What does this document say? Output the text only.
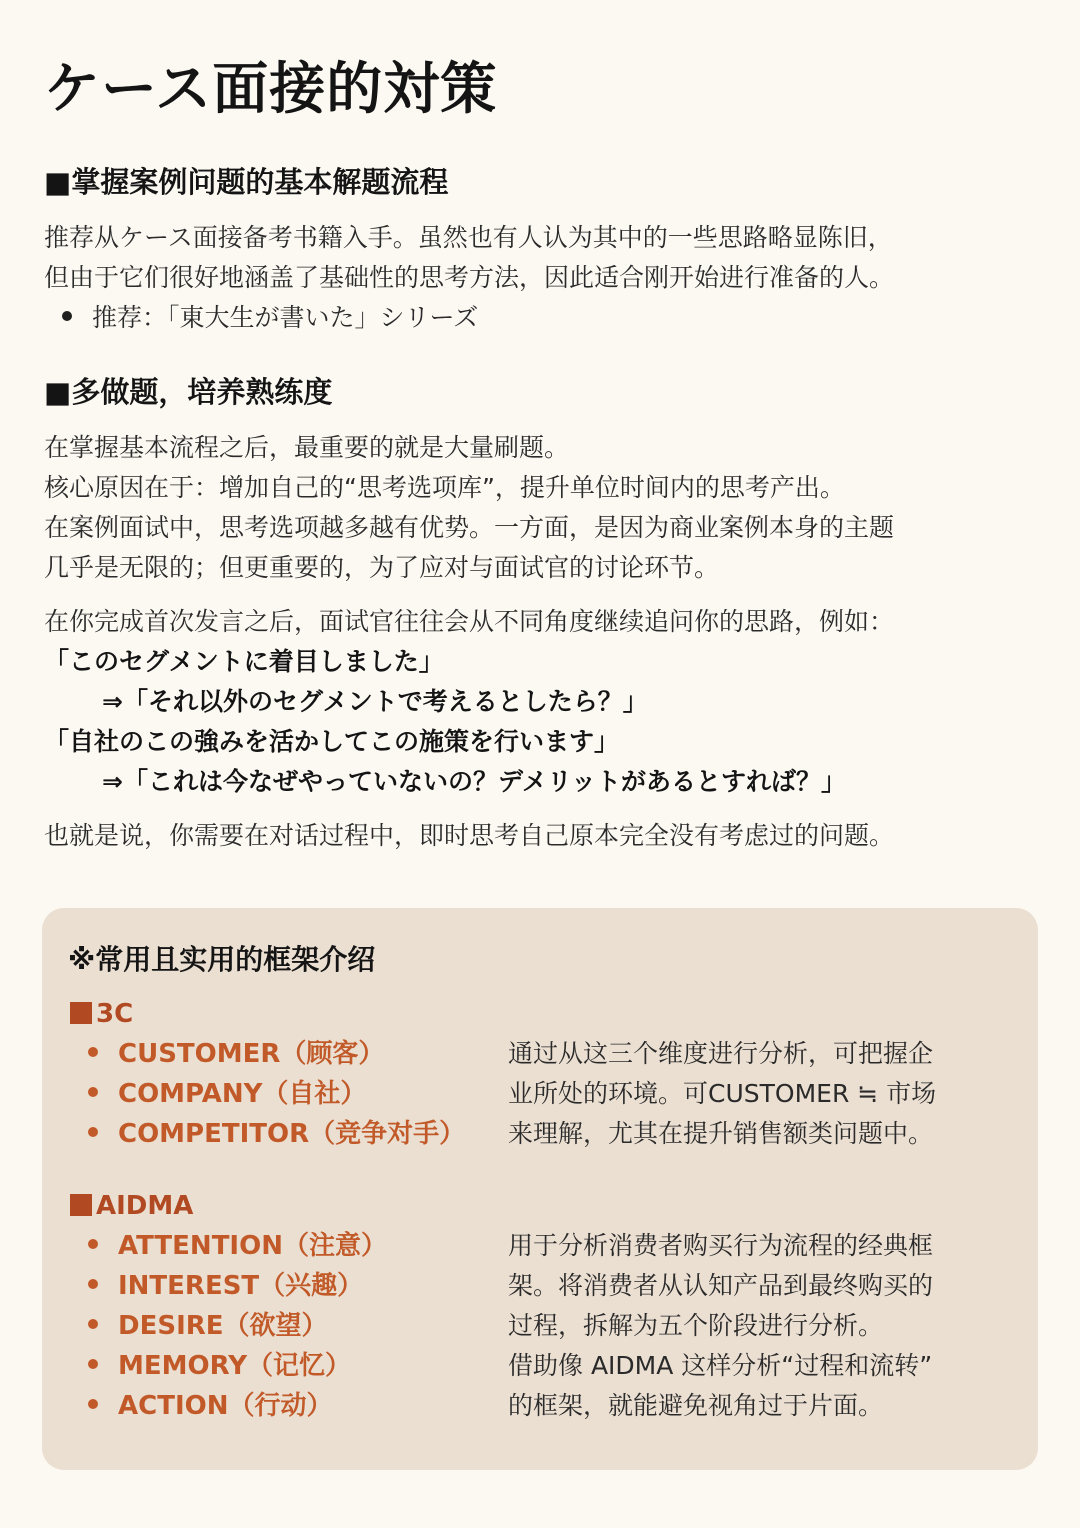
ケース面接的対策
■掌握案例问题的基本解题流程
推荐从ケース面接备考书籍入手。虽然也有人认为其中的一些思路略显陈旧，
但由于它们很好地涵盖了基础性的思考方法，因此适合刚开始进行准备的人。
推荐：「東大生が書いた」シリーズ
■多做题，培养熟练度
在掌握基本流程之后，最重要的就是大量刷题。
核心原因在于：增加自己的“思考选项库”，提升单位时间内的思考产出。
在案例面试中，思考选项越多越有优势。一方面，是因为商业案例本身的主题
几乎是无限的；但更重要的，为了应对与面试官的讨论环节。
在你完成首次发言之后，面试官往往会从不同角度继续追问你的思路，例如：
「このセグメントに着目しました」
⇒「それ以外のセグメントで考えるとしたら？」
「自社のこの強みを活かしてこの施策を行います」
⇒「これは今なぜやっていないの？デメリットがあるとすれば？」
也就是说，你需要在对话过程中，即时思考自己原本完全没有考虑过的问题。
※常用且实用的框架介绍
3C
CUSTOMER（顾客）
COMPANY（自社）
COMPETITOR（竞争对手）
通过从这三个维度进行分析，可把握企
业所处的环境。可CUSTOMER ≒ 市场
来理解，尤其在提升销售额类问题中。
AIDMA
ATTENTION（注意）
INTEREST（兴趣）
DESIRE（欲望）
MEMORY（记忆）
ACTION（行动）
用于分析消费者购买行为流程的经典框
架。将消费者从认知产品到最终购买的
过程，拆解为五个阶段进行分析。
借助像 AIDMA 这样分析“过程和流转”
的框架，就能避免视角过于片面。
